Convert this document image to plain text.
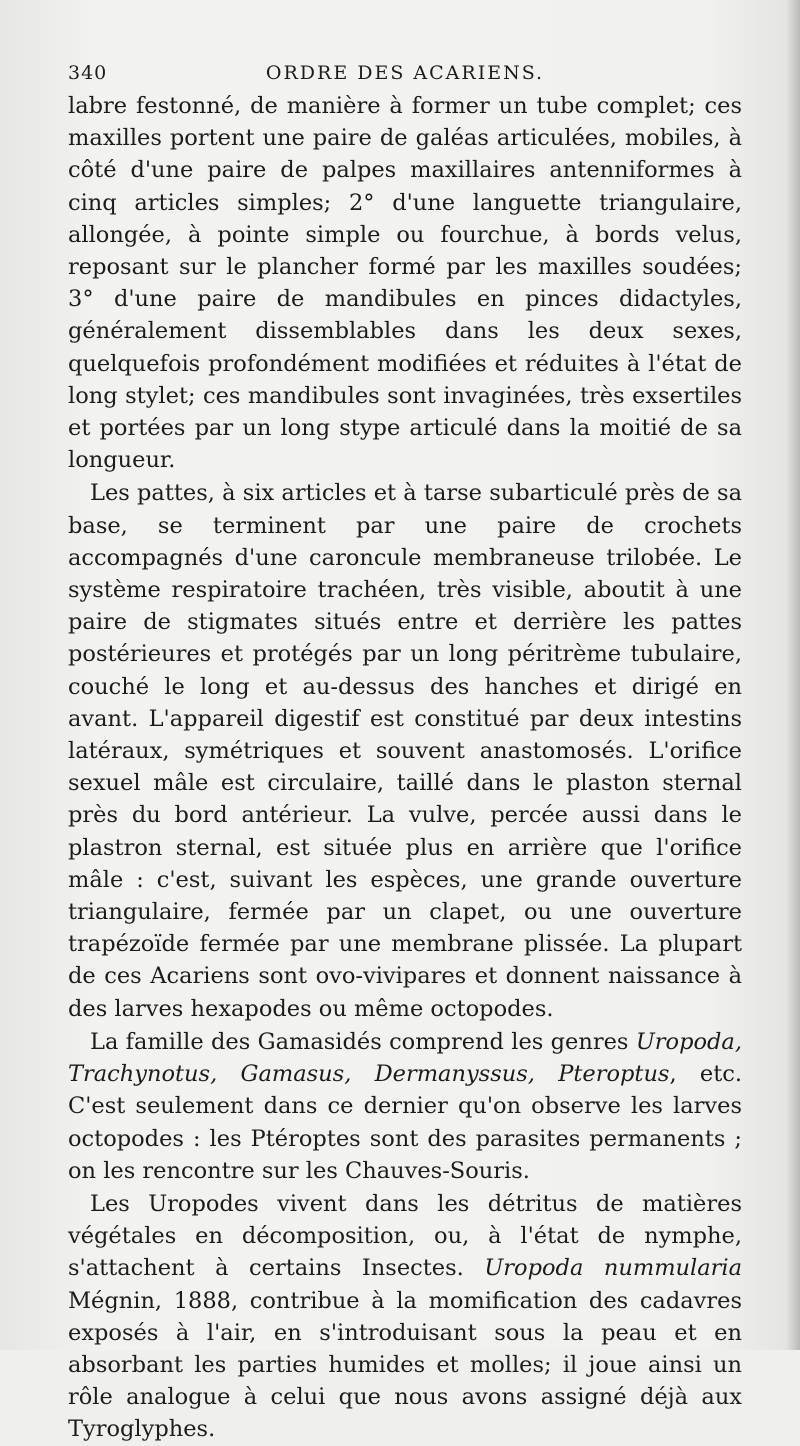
340	ORDRE DES ACARIENS.

labre festonné, de manière à former un tube complet; ces maxilles portent une paire de galéas articulées, mobiles, à côté d'une paire de palpes maxillaires antenniformes à cinq articles simples; 2° d'une languette triangulaire, allongée, à pointe simple ou fourchue, à bords velus, reposant sur le plancher formé par les maxilles soudées; 3° d'une paire de mandibules en pinces didactyles, généralement dissemblables dans les deux sexes, quelquefois profondément modifiées et réduites à l'état de long stylet; ces mandibules sont invaginées, très exsertiles et portées par un long stype articulé dans la moitié de sa longueur.

Les pattes, à six articles et à tarse subarticulé près de sa base, se terminent par une paire de crochets accompagnés d'une caroncule membraneuse trilobée. Le système respiratoire trachéen, très visible, aboutit à une paire de stigmates situés entre et derrière les pattes postérieures et protégés par un long péritrème tubulaire, couché le long et au-dessus des hanches et dirigé en avant. L'appareil digestif est constitué par deux intestins latéraux, symétriques et souvent anastomosés. L'orifice sexuel mâle est circulaire, taillé dans le plaston sternal près du bord antérieur. La vulve, percée aussi dans le plastron sternal, est située plus en arrière que l'orifice mâle : c'est, suivant les espèces, une grande ouverture triangulaire, fermée par un clapet, ou une ouverture trapézoïde fermée par une membrane plissée. La plupart de ces Acariens sont ovo-vivipares et donnent naissance à des larves hexapodes ou même octopodes.

La famille des Gamasidés comprend les genres Uropoda, Trachynotus, Gamasus, Dermanyssus, Pteroptus, etc. C'est seulement dans ce dernier qu'on observe les larves octopodes : les Ptéroptes sont des parasites permanents ; on les rencontre sur les Chauves-Souris.

Les Uropodes vivent dans les détritus de matières végétales en décomposition, ou, à l'état de nymphe, s'attachent à certains Insectes. Uropoda nummularia Mégnin, 1888, contribue à la momification des cadavres exposés à l'air, en s'introduisant sous la peau et en absorbant les parties humides et molles; il joue ainsi un rôle analogue à celui que nous avons assigné déjà aux Tyroglyphes.
